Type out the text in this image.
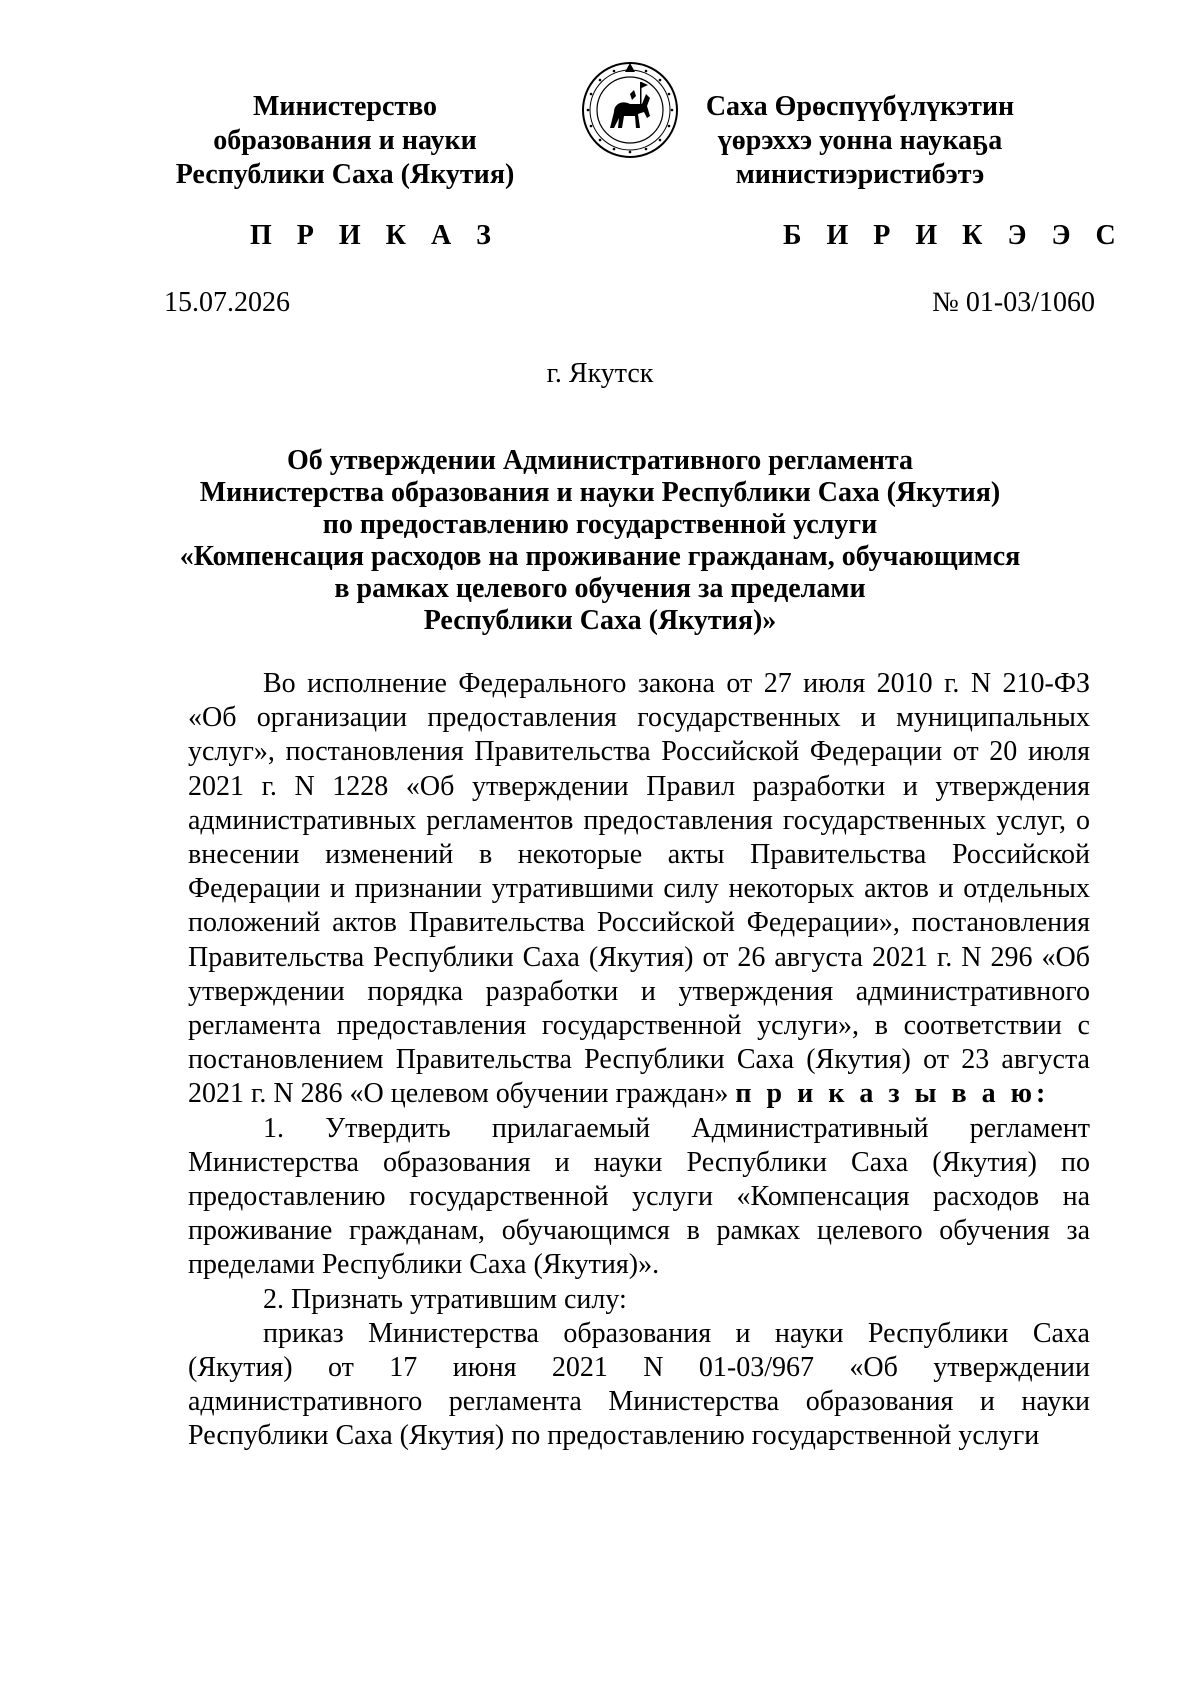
Министерство
образования и науки
Республики Саха (Якутия)
Саха Өрөспүүбүлүкэтин
үөрэххэ уонна наукаҕа
министиэристибэтэ
П Р И К А З	Б И Р И К Э Э С
15.07.2026	№ 01-03/1060
г. Якутск
Об утверждении Административного регламента
Министерства образования и науки Республики Саха (Якутия)
по предоставлению государственной услуги
«Компенсация расходов на проживание гражданам, обучающимся
в рамках целевого обучения за пределами
Республики Саха (Якутия)»

Во исполнение Федерального закона от 27 июля 2010 г. N 210-ФЗ «Об организации предоставления государственных и муниципальных услуг», постановления Правительства Российской Федерации от 20 июля 2021 г. N 1228 «Об утверждении Правил разработки и утверждения административных регламентов предоставления государственных услуг, о внесении изменений в некоторые акты Правительства Российской Федерации и признании утратившими силу некоторых актов и отдельных положений актов Правительства Российской Федерации», постановления Правительства Республики Саха (Якутия) от 26 августа 2021 г. N 296 «Об утверждении порядка разработки и утверждения административного регламента предоставления государственной услуги», в соответствии с постановлением Правительства Республики Саха (Якутия) от 23 августа 2021 г. N 286 «О целевом обучении граждан» п р и к а з ы в а ю:

1. Утвердить прилагаемый Административный регламент Министерства образования и науки Республики Саха (Якутия) по предоставлению государственной услуги «Компенсация расходов на проживание гражданам, обучающимся в рамках целевого обучения за пределами Республики Саха (Якутия)».

2. Признать утратившим силу:

приказ Министерства образования и науки Республики Саха (Якутия) от 17 июня 2021 N 01-03/967 «Об утверждении административного регламента Министерства образования и науки Республики Саха (Якутия) по предоставлению государственной услуги
